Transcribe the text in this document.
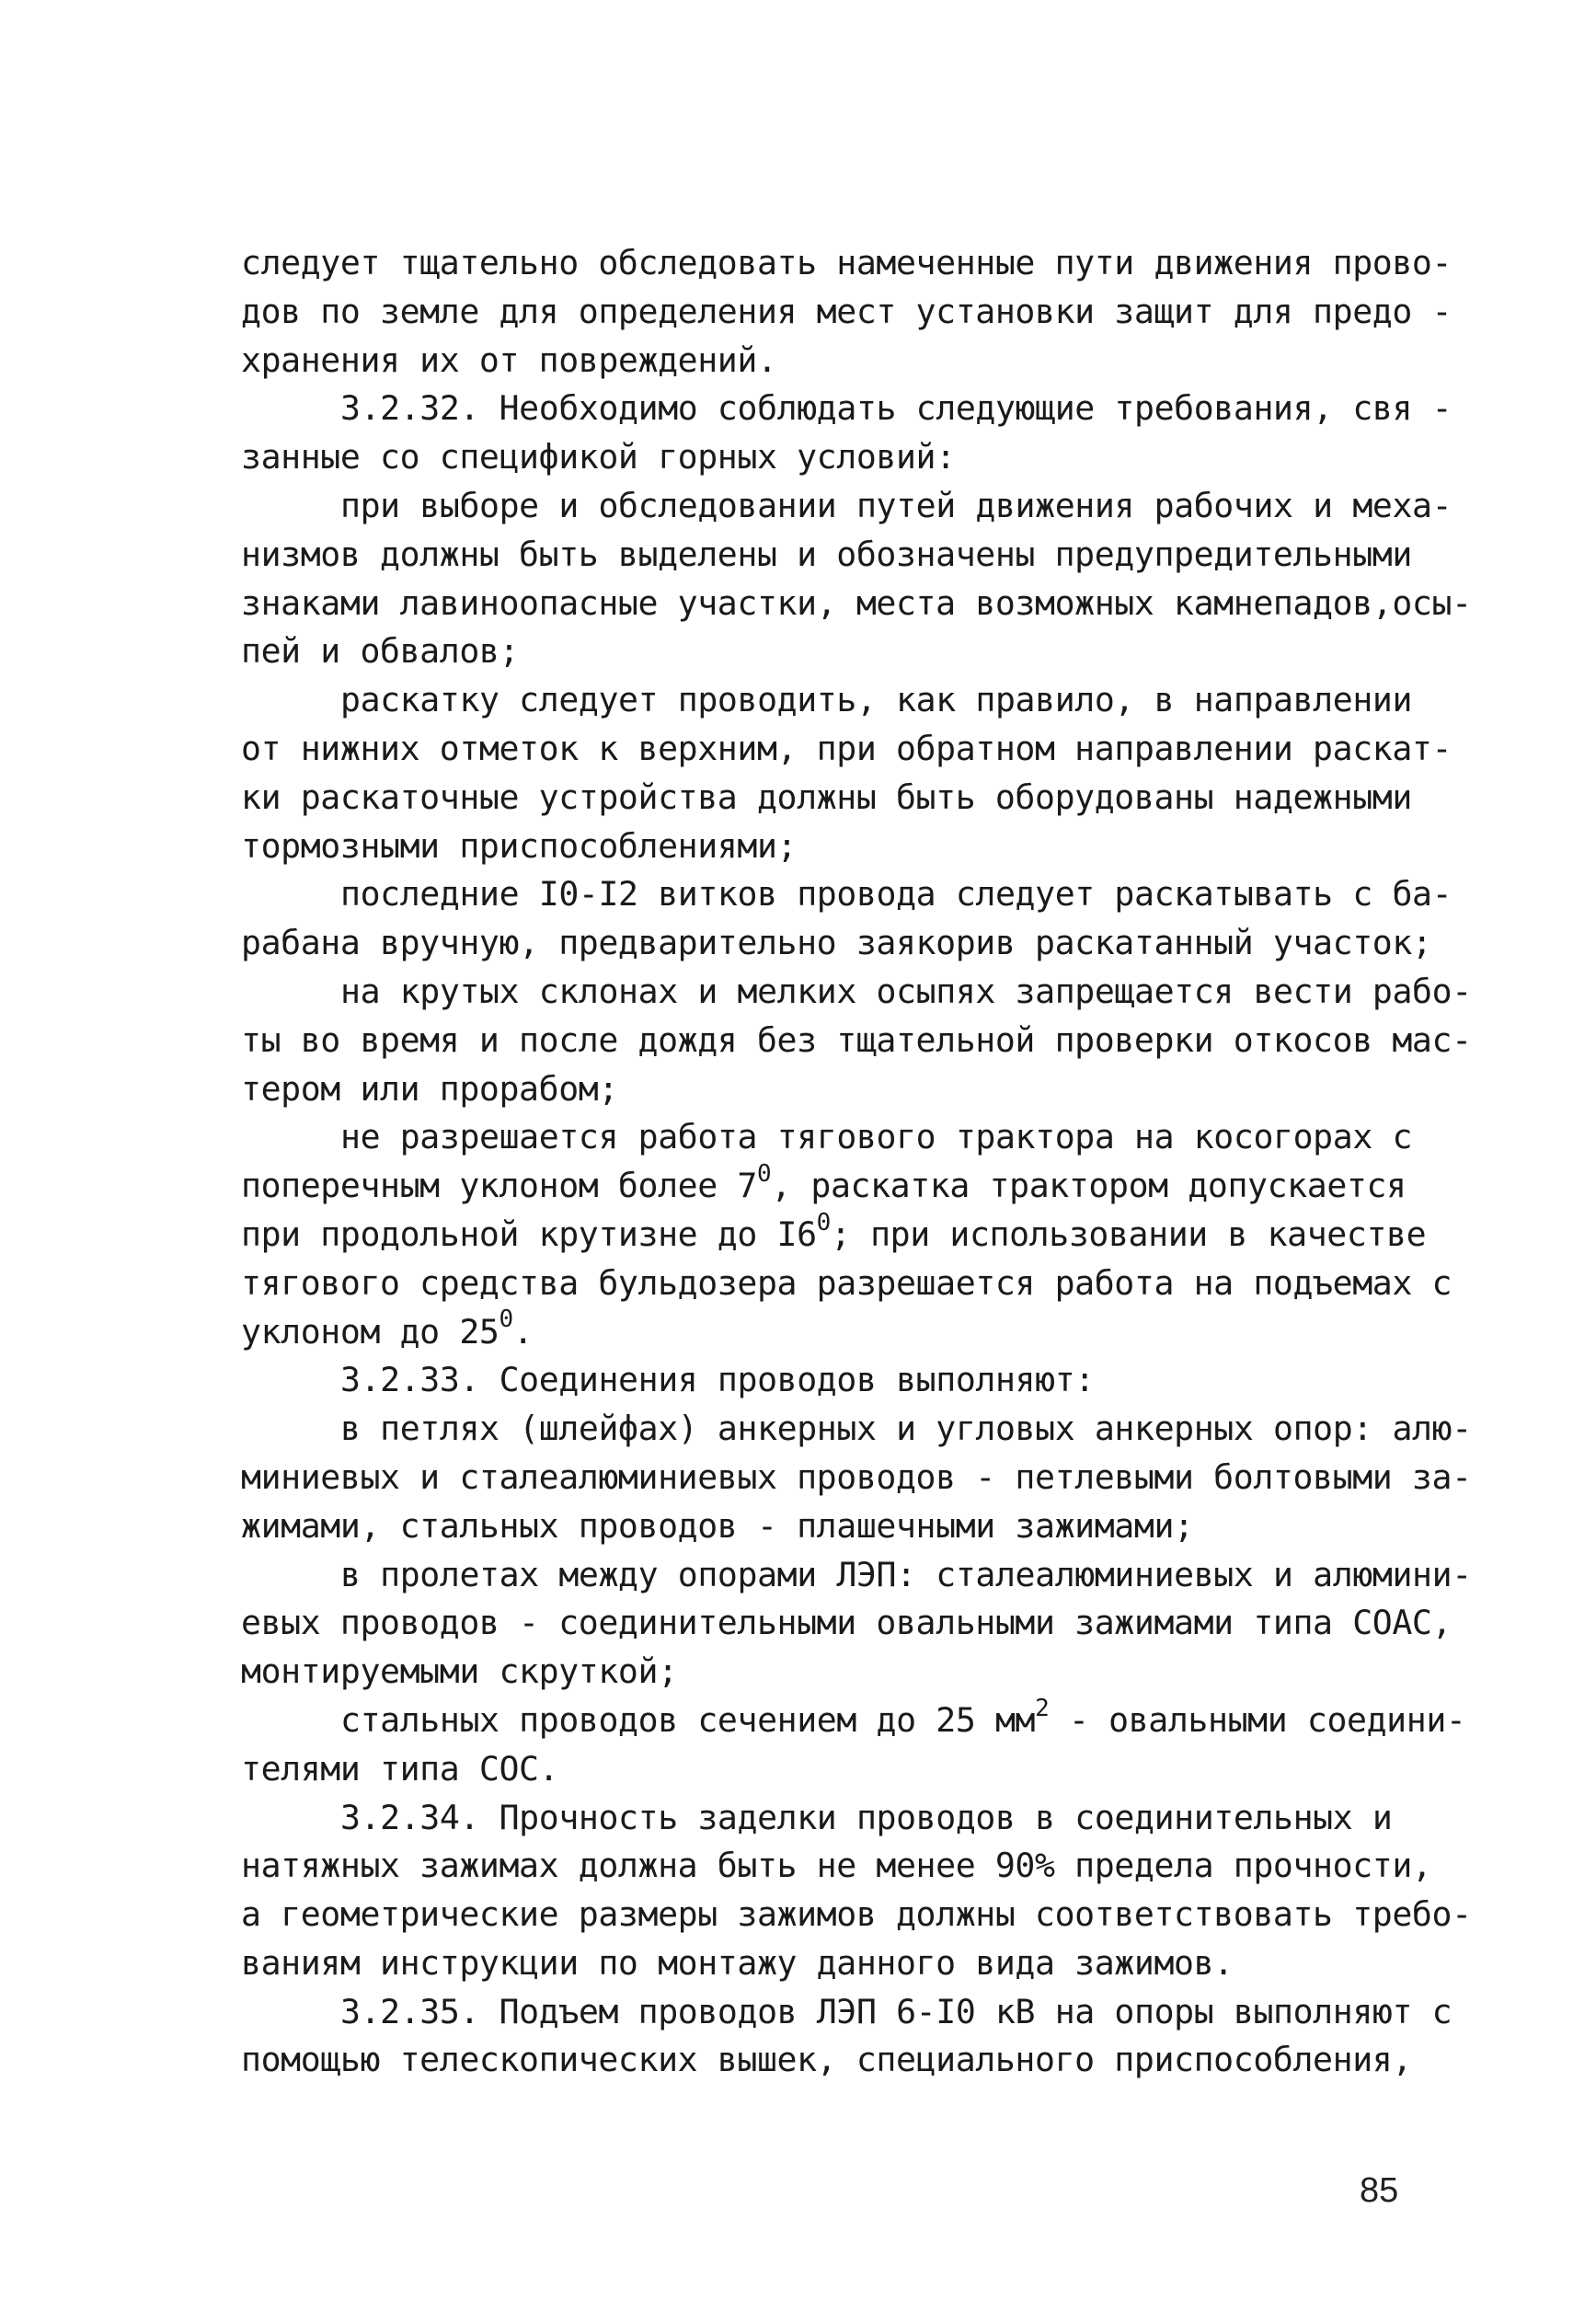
следует тщательно обследовать намеченные пути движения прово-
дов по земле для определения мест установки защит для предо -
хранения их от повреждений.
3.2.32. Необходимо соблюдать следующие требования, свя -
занные со спецификой горных условий:
при выборе и обследовании путей движения рабочих и меха-
низмов должны быть выделены и обозначены предупредительными
знаками лавиноопасные участки, места возможных камнепадов,осы-
пей и обвалов;
раскатку следует проводить, как правило, в направлении
от нижних отметок к верхним, при обратном направлении раскат-
ки раскаточные устройства должны быть оборудованы надежными
тормозными приспособлениями;
последние I0-I2 витков провода следует раскатывать с ба-
рабана вручную, предварительно заякорив раскатанный участок;
на крутых склонах и мелких осыпях запрещается вести рабо-
ты во время и после дождя без тщательной проверки откосов мас-
тером или прорабом;
не разрешается работа тягового трактора на косогорах с
поперечным уклоном более $7^0$, раскатка трактором допускается
при продольной крутизне до $I6^0$; при использовании в качестве
тягового средства бульдозера разрешается работа на подъемах с
уклоном до $25^0$.
3.2.33. Соединения проводов выполняют:
в петлях (шлейфах) анкерных и угловых анкерных опор: алю-
миниевых и сталеалюминиевых проводов - петлевыми болтовыми за-
жимами, стальных проводов - плашечными зажимами;
в пролетах между опорами ЛЭП: сталеалюминиевых и алюмини-
евых проводов - соединительными овальными зажимами типа СОАС,
монтируемыми скруткой;
стальных проводов сечением до 25 $мм^2$ - овальными соедини-
телями типа СОС.
3.2.34. Прочность заделки проводов в соединительных и
натяжных зажимах должна быть не менее 90% предела прочности,
а геометрические размеры зажимов должны соответствовать требо-
ваниям инструкции по монтажу данного вида зажимов.
3.2.35. Подъем проводов ЛЭП 6-I0 кВ на опоры выполняют с
помощью телескопических вышек, специального приспособления,
85
